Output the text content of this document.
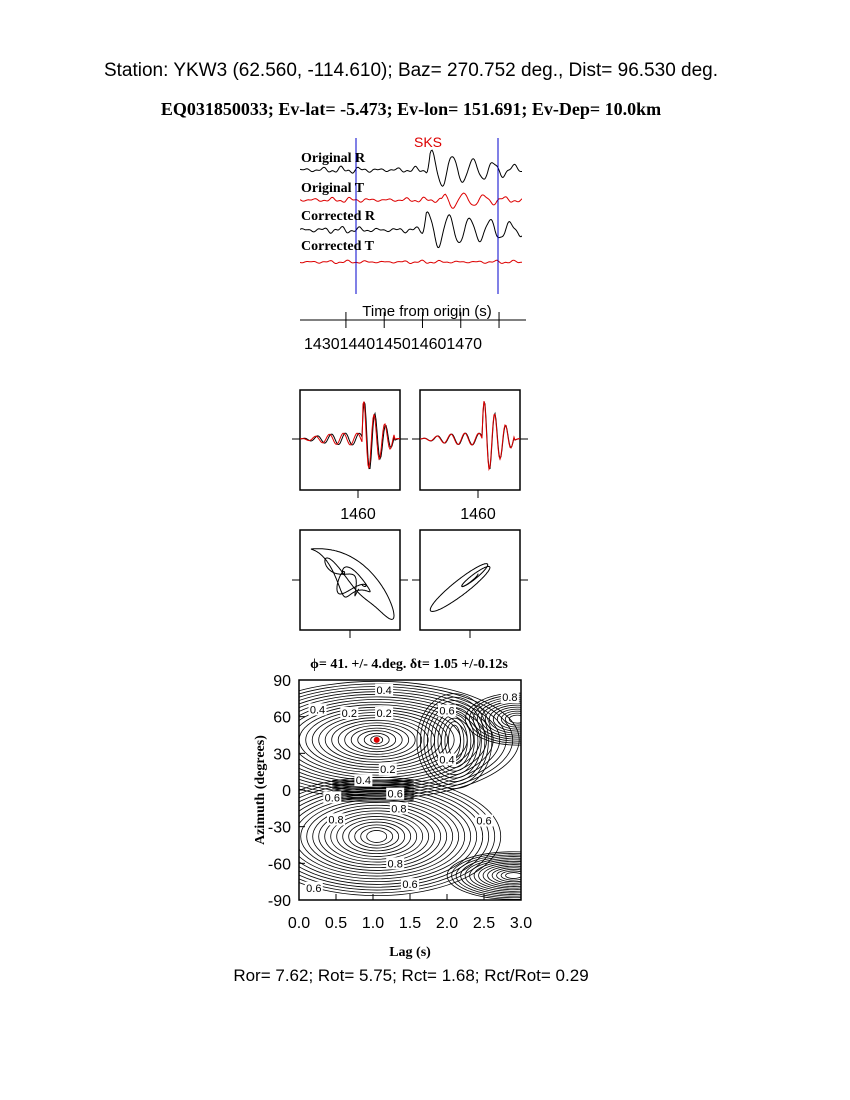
Station: YKW3 (62.560, -114.610); Baz= 270.752 deg., Dist= 96.530 deg.
EQ031850033; Ev-lat= -5.473; Ev-lon= 151.691; Ev-Dep= 10.0km
SKS
Original R
Original T
Corrected R
Corrected T
Time from origin (s)
14301440145014601470
1460	1460
ϕ= 41. +/- 4.deg. δt= 1.05 +/-0.12s
0.4
0.4 0.2 0.2	0.6
0.8
0.4
0.2
0.4
0.6	0.6
0.8
0.8	0.6
0.8
0.6
0.6
0.0 0.5 1.0 1.5 2.0 2.5 3.0
90
60
30
0
-30
-60
-90
Azimuth (degrees)
Lag (s)
Ror= 7.62; Rot= 5.75; Rct= 1.68; Rct/Rot= 0.29
